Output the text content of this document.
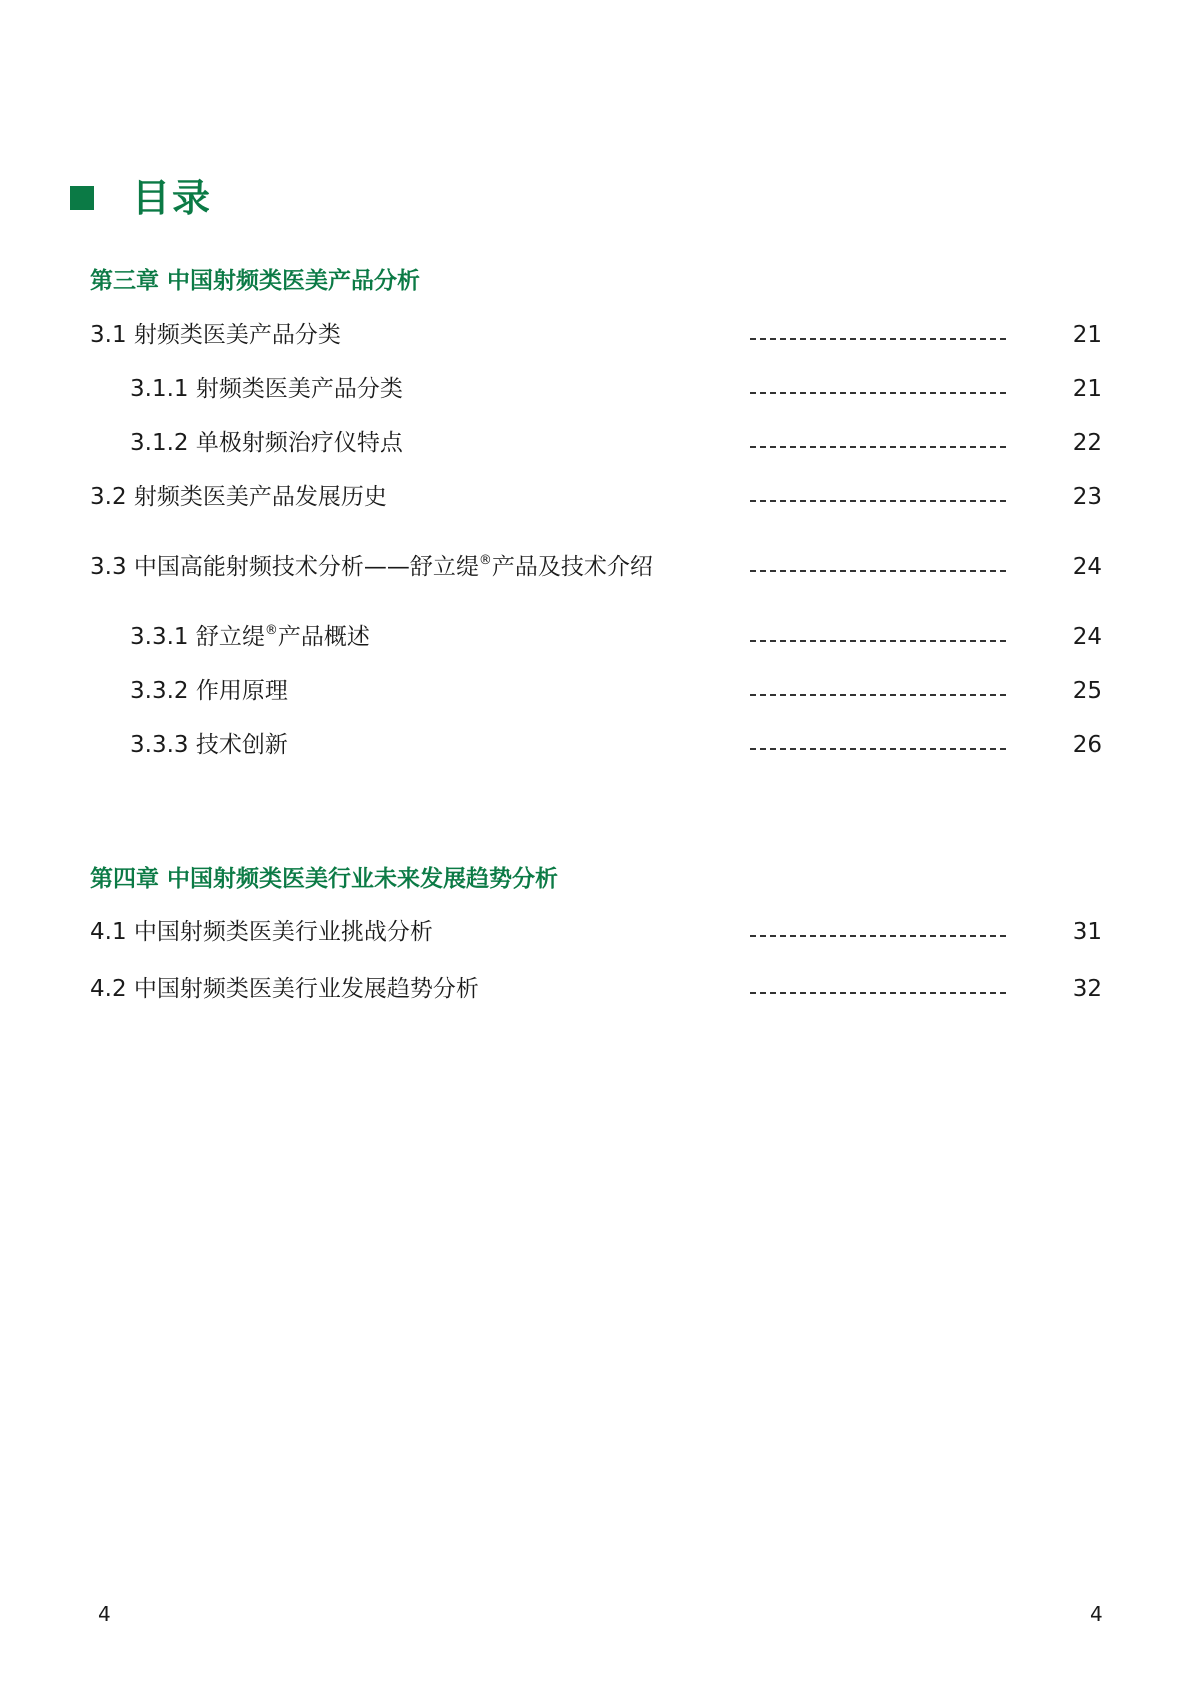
目录
第三章 中国射频类医美产品分析
3.1 射频类医美产品分类	21
3.1.1 射频类医美产品分类	21
3.1.2 单极射频治疗仪特点	22
3.2 射频类医美产品发展历史	23
3.3 中国高能射频技术分析——舒立缇®产品及技术介绍	24
3.3.1 舒立缇®产品概述	24
3.3.2 作用原理	25
3.3.3 技术创新	26
第四章 中国射频类医美行业未来发展趋势分析
4.1 中国射频类医美行业挑战分析	31
4.2 中国射频类医美行业发展趋势分析	32
4	4
